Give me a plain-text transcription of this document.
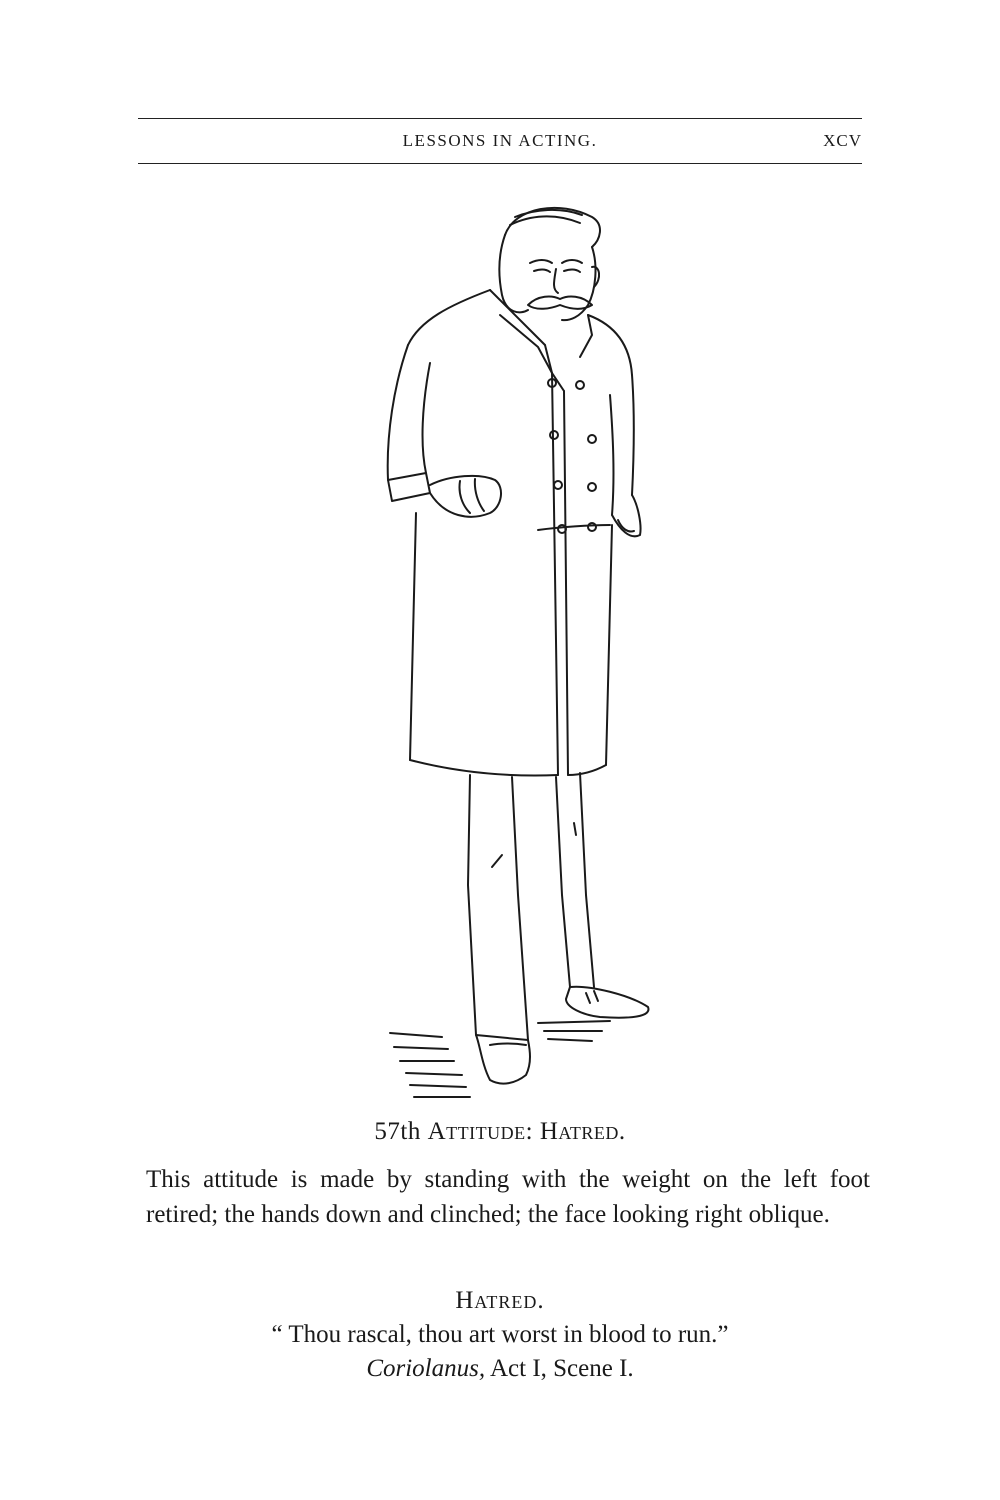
LESSONS IN ACTING.	XCV
57th Attitude: Hatred.
This attitude is made by standing with the weight on the left foot retired; the hands down and clinched; the face looking right oblique.
Hatred.
“ Thou rascal, thou art worst in blood to run.”
Coriolanus, Act I, Scene I.
